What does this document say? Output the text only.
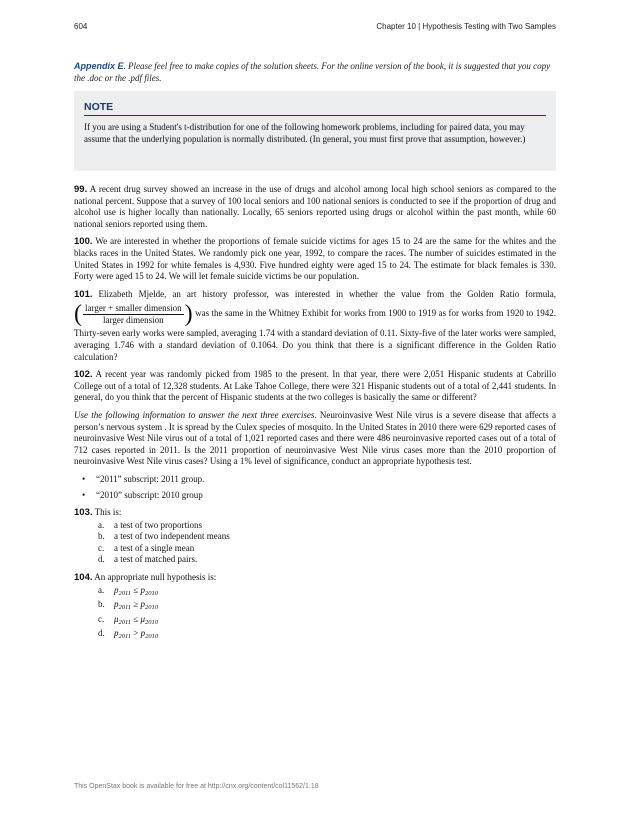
604	Chapter 10 | Hypothesis Testing with Two Samples
Appendix E. Please feel free to make copies of the solution sheets. For the online version of the book, it is suggested that you copy the .doc or the .pdf files.
NOTE
If you are using a Student's t-distribution for one of the following homework problems, including for paired data, you may assume that the underlying population is normally distributed. (In general, you must first prove that assumption, however.)

99. A recent drug survey showed an increase in the use of drugs and alcohol among local high school seniors as compared to the national percent. Suppose that a survey of 100 local seniors and 100 national seniors is conducted to see if the proportion of drug and alcohol use is higher locally than nationally. Locally, 65 seniors reported using drugs or alcohol within the past month, while 60 national seniors reported using them.

100. We are interested in whether the proportions of female suicide victims for ages 15 to 24 are the same for the whites and the blacks races in the United States. We randomly pick one year, 1992, to compare the races. The number of suicides estimated in the United States in 1992 for white females is 4,930. Five hundred eighty were aged 15 to 24. The estimate for black females is 330. Forty were aged 15 to 24. We will let female suicide victims be our population.

101. Elizabeth Mjelde, an art history professor, was interested in whether the value from the Golden Ratio formula,
( larger + smaller dimension
larger dimension ) was the same in the Whitney Exhibit for works from 1900 to 1919 as for works from 1920 to 1942. Thirty-seven early works were sampled, averaging 1.74 with a standard deviation of 0.11. Sixty-five of the later works were sampled, averaging 1.746 with a standard deviation of 0.1064. Do you think that there is a significant difference in the Golden Ratio calculation?

102. A recent year was randomly picked from 1985 to the present. In that year, there were 2,051 Hispanic students at Cabrillo College out of a total of 12,328 students. At Lake Tahoe College, there were 321 Hispanic students out of a total of 2,441 students. In general, do you think that the percent of Hispanic students at the two colleges is basically the same or different?

Use the following information to answer the next three exercises. Neuroinvasive West Nile virus is a severe disease that affects a person’s nervous system . It is spread by the Culex species of mosquito. In the United States in 2010 there were 629 reported cases of neuroinvasive West Nile virus out of a total of 1,021 reported cases and there were 486 neuroinvasive reported cases out of a total of 712 cases reported in 2011. Is the 2011 proportion of neuroinvasive West Nile virus cases more than the 2010 proportion of neuroinvasive West Nile virus cases? Using a 1% level of significance, conduct an appropriate hypothesis test.

• “2011” subscript: 2011 group.
• “2010” subscript: 2010 group

103. This is:

a.	a test of two proportions
b.	a test of two independent means
c.	a test of a single mean
d.	a test of matched pairs.

104. An appropriate null hypothesis is:

a.	$p_{2011} \le p_{2010}$
b.	$p_{2011} \ge p_{2010}$
c.	$\mu_{2011} \le \mu_{2010}$
d.	$p_{2011} > p_{2010}$
This OpenStax book is available for free at http://cnx.org/content/col11562/1.18
